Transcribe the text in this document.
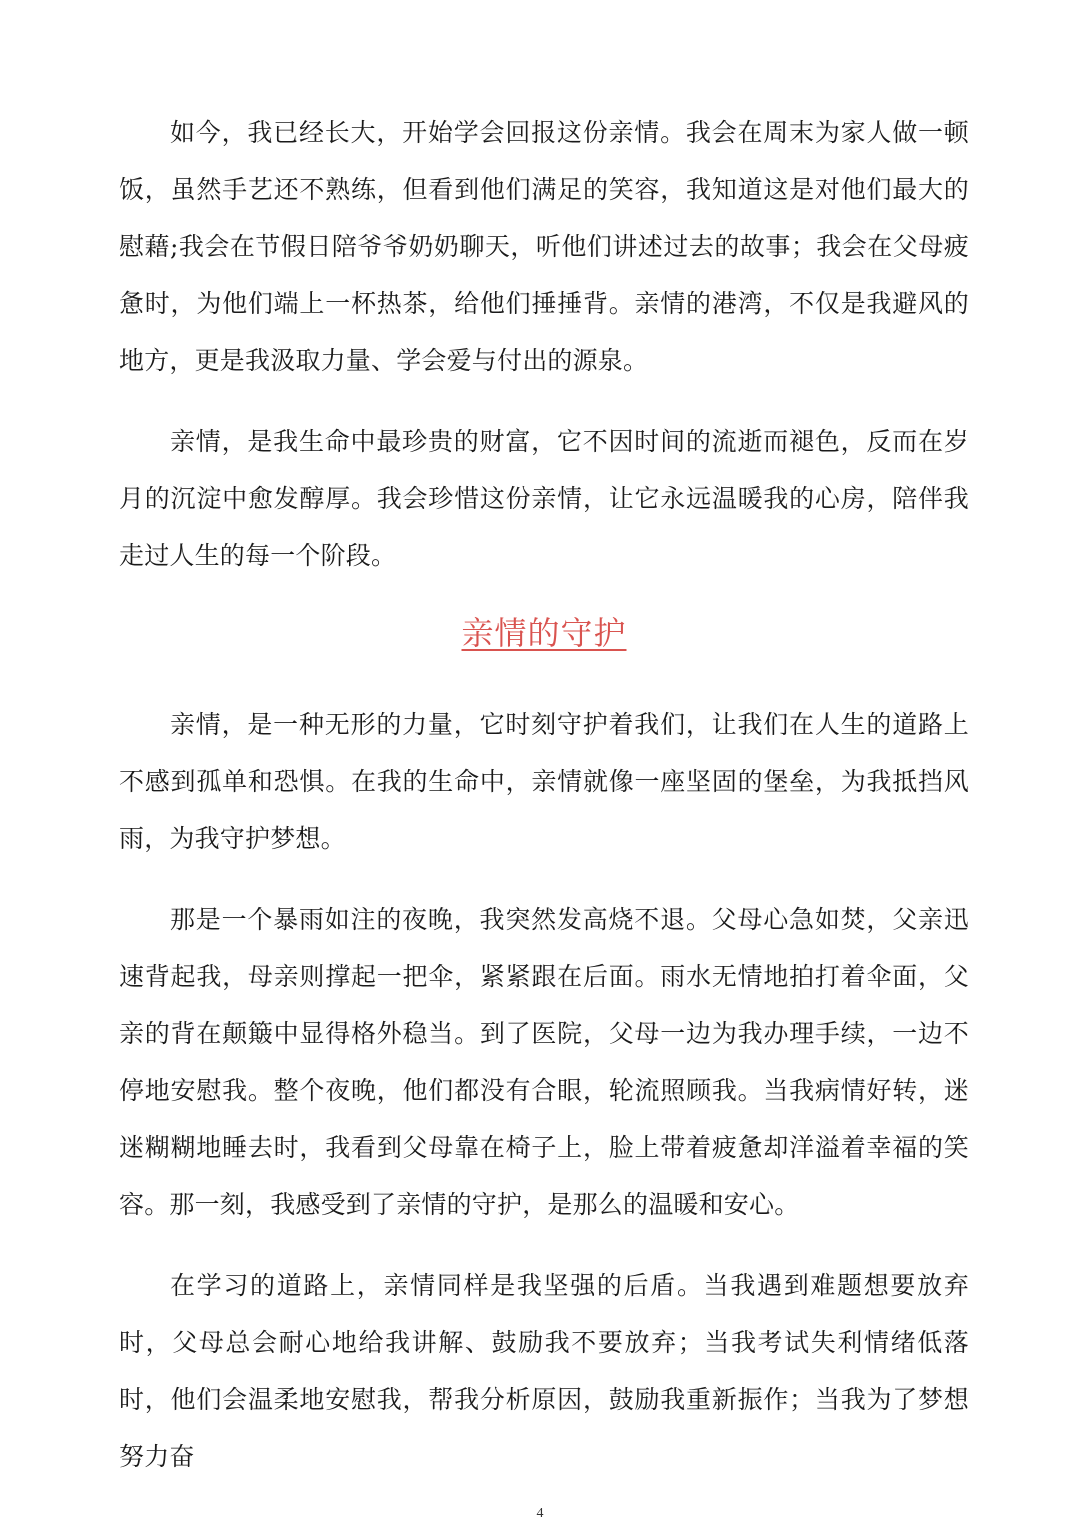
如今，我已经长大，开始学会回报这份亲情。我会在周末为家人做一顿饭，虽然手艺还不熟练，但看到他们满足的笑容，我知道这是对他们最大的慰藉;我会在节假日陪爷爷奶奶聊天，听他们讲述过去的故事；我会在父母疲惫时，为他们端上一杯热茶，给他们捶捶背。亲情的港湾，不仅是我避风的地方，更是我汲取力量、学会爱与付出的源泉。

亲情，是我生命中最珍贵的财富，它不因时间的流逝而褪色，反而在岁月的沉淀中愈发醇厚。我会珍惜这份亲情，让它永远温暖我的心房，陪伴我走过人生的每一个阶段。

亲情的守护

亲情，是一种无形的力量，它时刻守护着我们，让我们在人生的道路上不感到孤单和恐惧。在我的生命中，亲情就像一座坚固的堡垒，为我抵挡风雨，为我守护梦想。

那是一个暴雨如注的夜晚，我突然发高烧不退。父母心急如焚，父亲迅速背起我，母亲则撑起一把伞，紧紧跟在后面。雨水无情地拍打着伞面，父亲的背在颠簸中显得格外稳当。到了医院，父母一边为我办理手续，一边不停地安慰我。整个夜晚，他们都没有合眼，轮流照顾我。当我病情好转，迷迷糊糊地睡去时，我看到父母靠在椅子上，脸上带着疲惫却洋溢着幸福的笑容。那一刻，我感受到了亲情的守护，是那么的温暖和安心。

在学习的道路上，亲情同样是我坚强的后盾。当我遇到难题想要放弃时，父母总会耐心地给我讲解、鼓励我不要放弃；当我考试失利情绪低落时，他们会温柔地安慰我，帮我分析原因，鼓励我重新振作；当我为了梦想努力奋

4
